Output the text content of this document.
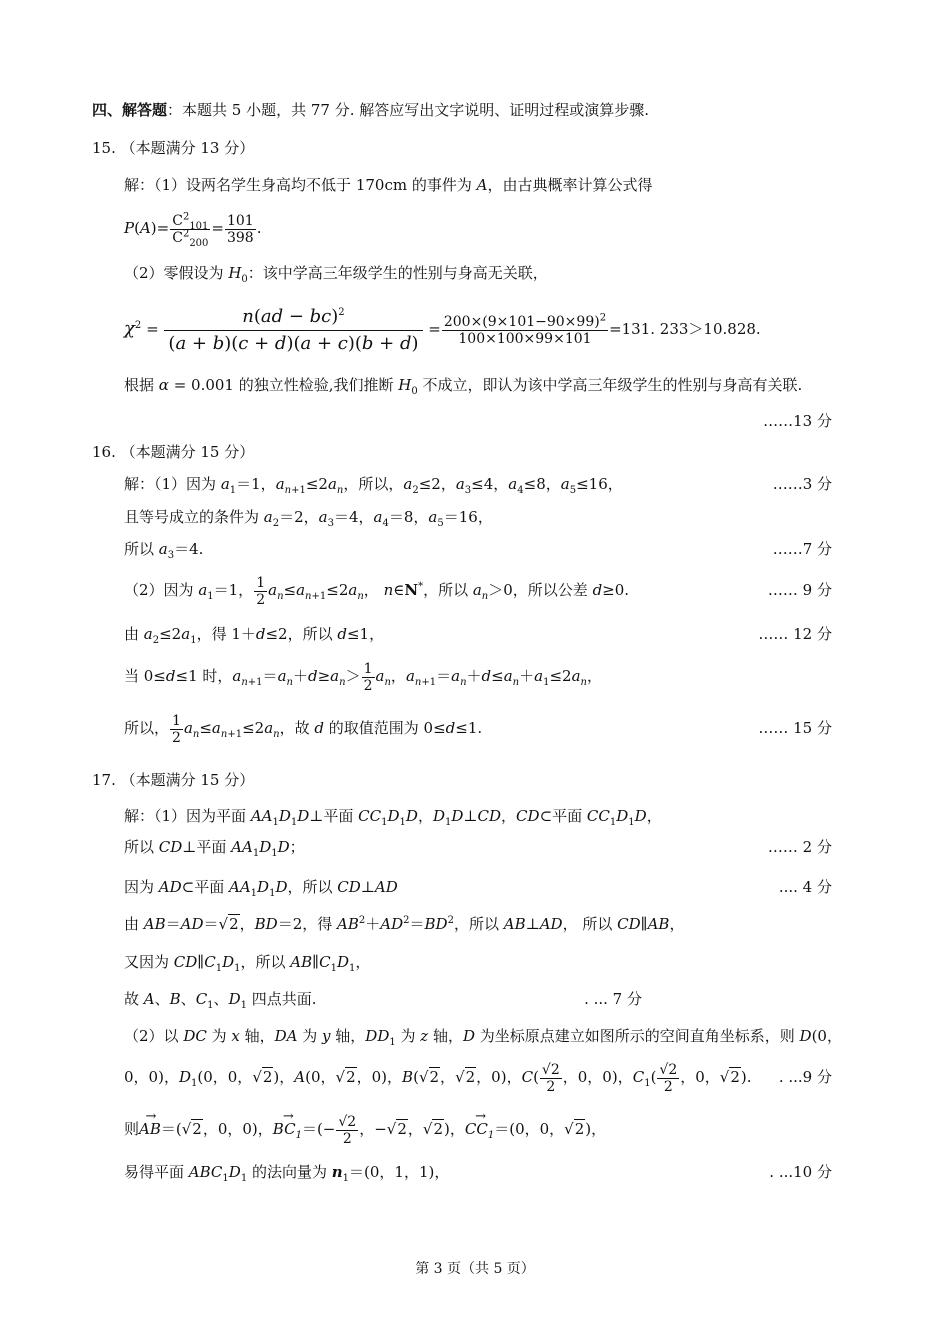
四、解答题：本题共 5 小题，共 77 分. 解答应写出文字说明、证明过程或演算步骤.
15. （本题满分 13 分）
解：（1）设两名学生身高均不低于 170cm 的事件为 A，由古典概率计算公式得
$P(A)= \frac{C^2_{101}}{C^2_{200}} = \frac{101}{398}$ .
（2）零假设为 $H_0$：该中学高三年级学生的性别与身高无关联，
$\chi^2 = \frac{n(ad - bc)^2}{(a + b)(c + d)(a + c)(b + d)} = \frac{200\times(9\times 101-90\times 99)^2}{100\times 100\times 99\times 101} =131$. 233＞10.828.
根据 α = 0.001 的独立性检验,我们推断 $H_0$ 不成立，即认为该中学高三年级学生的性别与身高有关联.
……13 分
16. （本题满分 15 分）
解：（1）因为 $a_1=1$，$a_{n+1}\le 2a_n$，所以，$a_2\le 2$，$a_3\le 4$，$a_4\le 8$，$a_5\le 16$，	……3 分
且等号成立的条件为 $a_2=2$，$a_3=4$，$a_4=8$，$a_5=16$，
所以 $a_3=4$.	……7 分
（2）因为 $a_1=1$， $\frac{1}{2} a_n\le a_{n+1}\le 2a_n$， n∈N*，所以 $a_n>0$，所以公差 d≥0.	…… 9 分
由 $a_2\le 2a_1$，得 1＋d≤2，所以 d≤1，	…… 12 分
当 0≤d≤1 时，$a_{n+1}=a_n+d\ge a_n> \frac{1}{2} a_n$，$a_{n+1}=a_n+d\le a_n+a_1\le 2a_n$，
所以， $\frac{1}{2} a_n\le a_{n+1}\le 2a_n$，故 d 的取值范围为 0≤d≤1.	…… 15 分
17. （本题满分 15 分）
解：（1）因为平面 $AA_1D_1D\perp$平面 $CC_1D_1D$，$D_1D\perp CD$，CD⊂平面 $CC_1D_1D$，
所以 CD⊥平面 $AA_1D_1D$；	…… 2 分
因为 AD⊂平面 $AA_1D_1D$，所以 CD⊥AD	.... 4 分
由 AB＝AD＝√2，BD＝2，得 $AB^2+AD^2=BD^2$，所以 AB⊥AD， 所以 CD∥AB，
又因为 $CD\parallel C_1D_1$，所以 $AB\parallel C_1D_1$，
故 A、B、$C_1$、$D_1$ 四点共面.	. ... 7 分
（2）以 DC 为 x 轴，DA 为 y 轴，$DD_1$ 为 z 轴，D 为坐标原点建立如图所示的空间直角坐标系，则 D(0，
0，0)，$D_1(0$，0，√2)，A(0，√2，0)，B(√2，√2，0)，$C( \frac{√2}{2}$ ，0，0)，$C_1( \frac{√2}{2}$ ，0，√2). . ...9 分
则→ AB＝(√2，0，0)，→ $BC_1=(- \frac{√2}{2}$ ，−√2，√2)，→ $CC_1=(0$，0，√2)，
易得平面 $ABC_1D_1$ 的法向量为 $n_1=(0$，1，1)，	. ...10 分
第 3 页（共 5 页）
